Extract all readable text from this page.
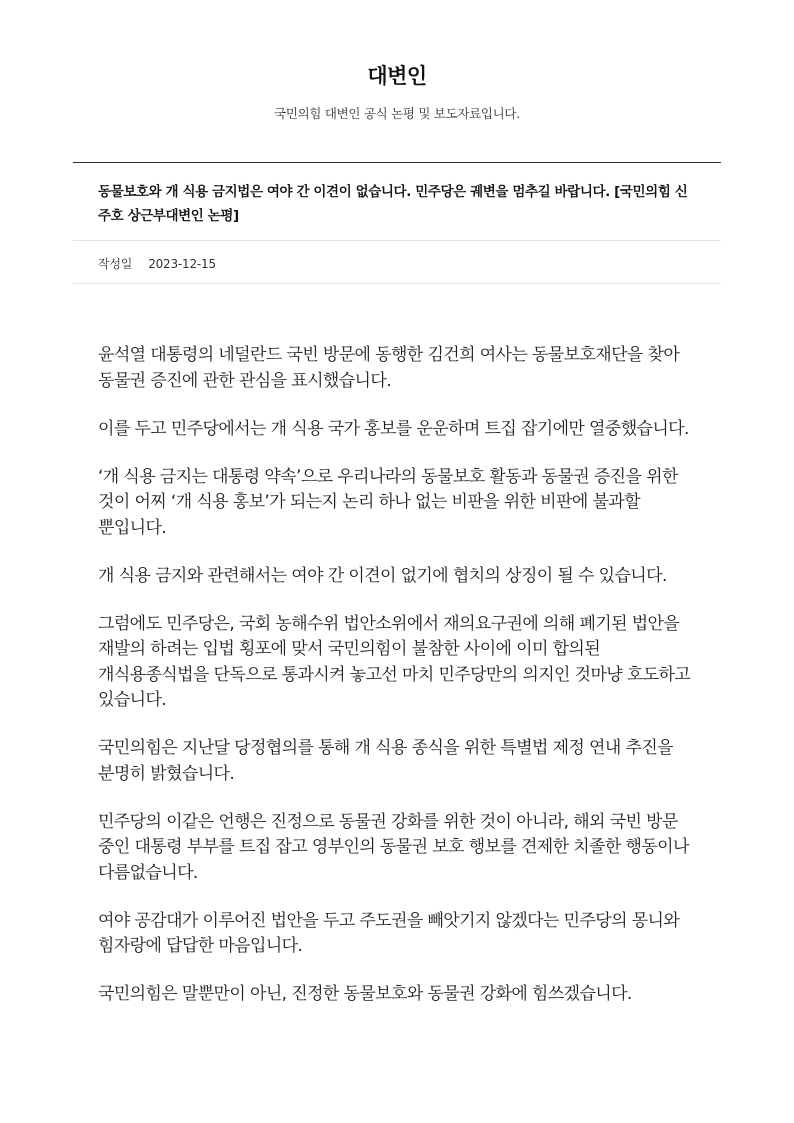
대변인
국민의힘 대변인 공식 논평 및 보도자료입니다.
동물보호와 개 식용 금지법은 여야 간 이견이 없습니다. 민주당은 궤변을 멈추길 바랍니다. [국민의힘 신주호 상근부대변인 논평]
작성일 2023-12-15

윤석열 대통령의 네덜란드 국빈 방문에 동행한 김건희 여사는 동물보호재단을 찾아 동물권 증진에 관한 관심을 표시했습니다.

이를 두고 민주당에서는 개 식용 국가 홍보를 운운하며 트집 잡기에만 열중했습니다.

‘개 식용 금지는 대통령 약속’으로 우리나라의 동물보호 활동과 동물권 증진을 위한 것이 어찌 ‘개 식용 홍보’가 되는지 논리 하나 없는 비판을 위한 비판에 불과할 뿐입니다.

개 식용 금지와 관련해서는 여야 간 이견이 없기에 협치의 상징이 될 수 있습니다.

그럼에도 민주당은, 국회 농해수위 법안소위에서 재의요구권에 의해 폐기된 법안을 재발의 하려는 입법 횡포에 맞서 국민의힘이 불참한 사이에 이미 합의된 개식용종식법을 단독으로 통과시켜 놓고선 마치 민주당만의 의지인 것마냥 호도하고 있습니다.

국민의힘은 지난달 당정협의를 통해 개 식용 종식을 위한 특별법 제정 연내 추진을 분명히 밝혔습니다.

민주당의 이같은 언행은 진정으로 동물권 강화를 위한 것이 아니라, 해외 국빈 방문 중인 대통령 부부를 트집 잡고 영부인의 동물권 보호 행보를 견제한 치졸한 행동이나 다름없습니다.

여야 공감대가 이루어진 법안을 두고 주도권을 빼앗기지 않겠다는 민주당의 몽니와 힘자랑에 답답한 마음입니다.

국민의힘은 말뿐만이 아닌, 진정한 동물보호와 동물권 강화에 힘쓰겠습니다.
